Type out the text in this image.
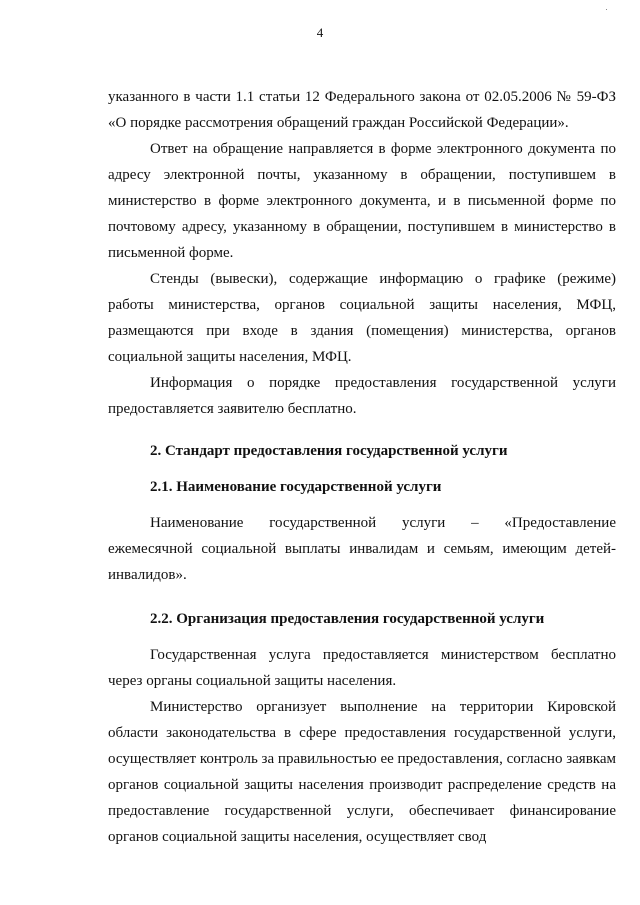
4

указанного в части 1.1 статьи 12 Федерального закона от 02.05.2006 № 59-ФЗ «О порядке рассмотрения обращений граждан Российской Федерации».

Ответ на обращение направляется в форме электронного документа по адресу электронной почты, указанному в обращении, поступившем в министерство в форме электронного документа, и в письменной форме по почтовому адресу, указанному в обращении, поступившем в министерство в письменной форме.

Стенды (вывески), содержащие информацию о графике (режиме) работы министерства, органов социальной защиты населения, МФЦ, размещаются при входе в здания (помещения) министерства, органов социальной защиты населения, МФЦ.

Информация о порядке предоставления государственной услуги предоставляется заявителю бесплатно.

2. Стандарт предоставления государственной услуги
2.1. Наименование государственной услуги

Наименование государственной услуги – «Предоставление ежемесячной социальной выплаты инвалидам и семьям, имеющим детей-инвалидов».

2.2. Организация предоставления государственной услуги

Государственная услуга предоставляется министерством бесплатно через органы социальной защиты населения.

Министерство организует выполнение на территории Кировской области законодательства в сфере предоставления государственной услуги, осуществляет контроль за правильностью ее предоставления, согласно заявкам органов социальной защиты населения производит распределение средств на предоставление государственной услуги, обеспечивает финансирование органов социальной защиты населения, осуществляет свод
